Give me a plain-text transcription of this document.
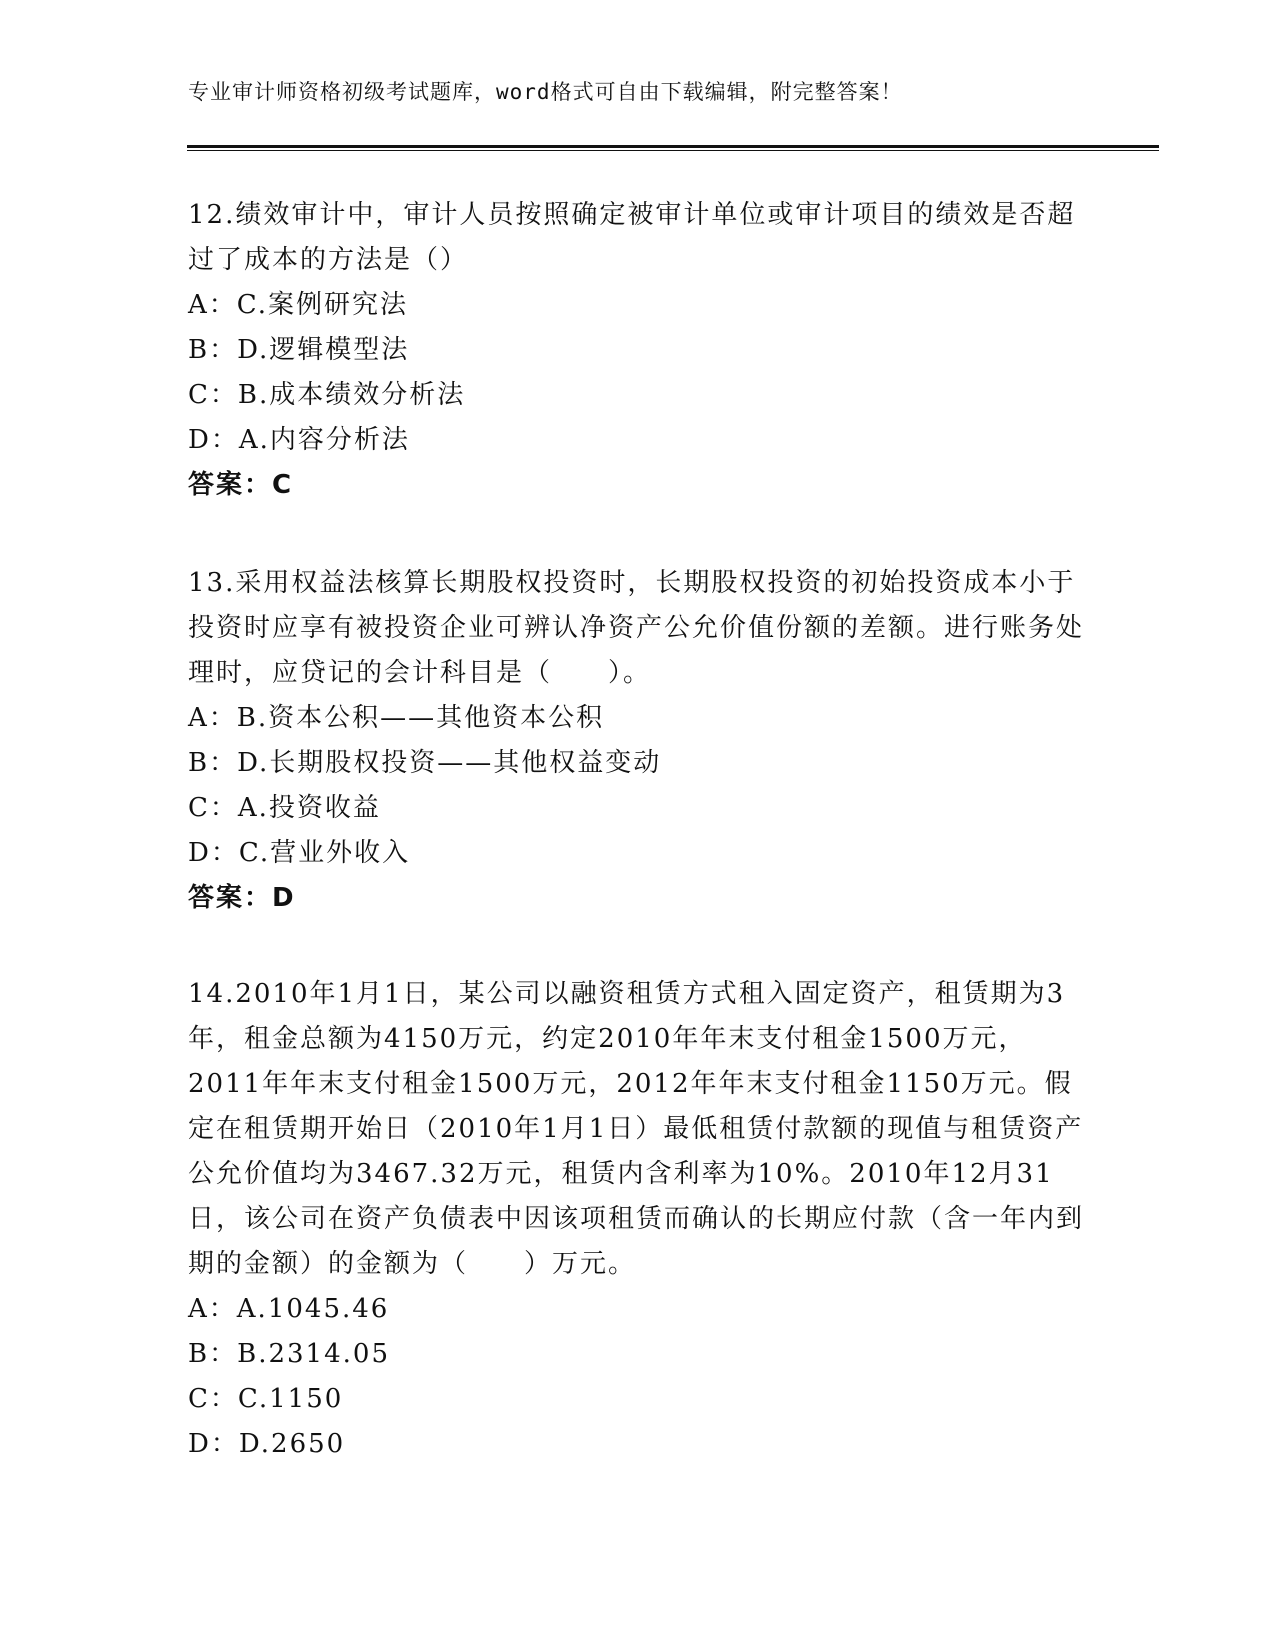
专业审计师资格初级考试题库，word格式可自由下载编辑，附完整答案！

12.绩效审计中，审计人员按照确定被审计单位或审计项目的绩效是否超过了成本的方法是（）

A：C.案例研究法

B：D.逻辑模型法

C：B.成本绩效分析法

D：A.内容分析法

答案：C

13.采用权益法核算长期股权投资时，长期股权投资的初始投资成本小于投资时应享有被投资企业可辨认净资产公允价值份额的差额。进行账务处理时，应贷记的会计科目是（　　）。

A：B.资本公积——其他资本公积

B：D.长期股权投资——其他权益变动

C：A.投资收益

D：C.营业外收入

答案：D

14.2010年1月1日，某公司以融资租赁方式租入固定资产，租赁期为3年，租金总额为4150万元，约定2010年年末支付租金1500万元，2011年年末支付租金1500万元，2012年年末支付租金1150万元。假定在租赁期开始日（2010年1月1日）最低租赁付款额的现值与租赁资产公允价值均为3467.32万元，租赁内含利率为10%。2010年12月31日，该公司在资产负债表中因该项租赁而确认的长期应付款（含一年内到期的金额）的金额为（　　）万元。

A：A.1045.46

B：B.2314.05

C：C.1150

D：D.2650
